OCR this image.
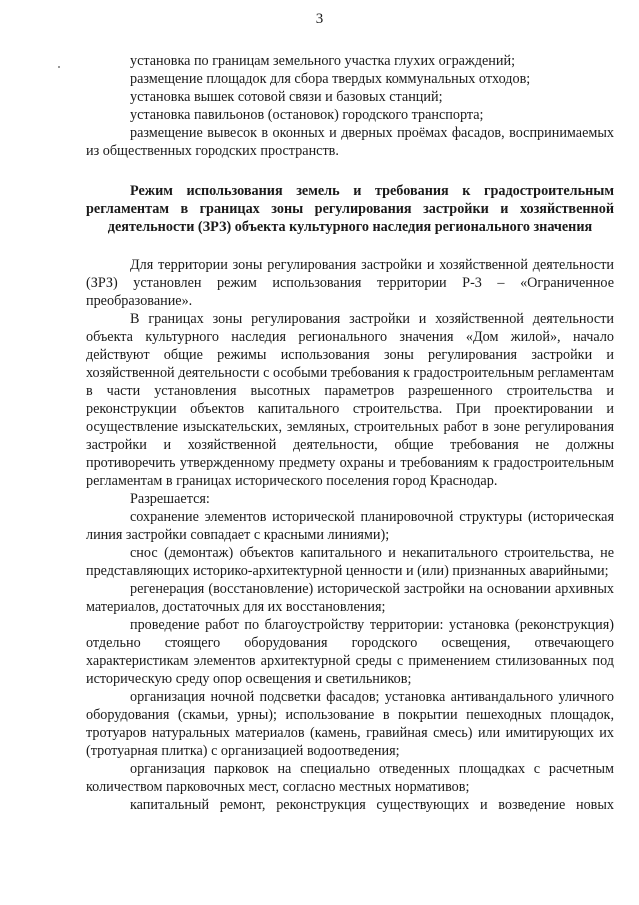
3

установка по границам земельного участка глухих ограждений;

размещение площадок для сбора твердых коммунальных отходов;

установка вышек сотовой связи и базовых станций;

установка павильонов (остановок) городского транспорта;

размещение вывесок в оконных и дверных проёмах фасадов, воспринимаемых из общественных городских пространств.

Режим использования земель и требования к градостроительным регламентам в границах зоны регулирования застройки и хозяйственной деятельности (ЗРЗ) объекта культурного наследия регионального значения

Для территории зоны регулирования застройки и хозяйственной деятельности (ЗРЗ) установлен режим использования территории Р-3 – «Ограниченное преобразование».

В границах зоны регулирования застройки и хозяйственной деятельности объекта культурного наследия регионального значения «Дом жилой», начало действуют общие режимы использования зоны регулирования застройки и хозяйственной деятельности с особыми требования к градостроительным регламентам в части установления высотных параметров разрешенного строительства и реконструкции объектов капитального строительства. При проектировании и осуществление изыскательских, земляных, строительных работ в зоне регулирования застройки и хозяйственной деятельности, общие требования не должны противоречить утвержденному предмету охраны и требованиям к градостроительным регламентам в границах исторического поселения город Краснодар.

Разрешается:

сохранение элементов исторической планировочной структуры (историческая линия застройки совпадает с красными линиями);

снос (демонтаж) объектов капитального и некапитального строительства, не представляющих историко-архитектурной ценности и (или) признанных аварийными;

регенерация (восстановление) исторической застройки на основании архивных материалов, достаточных для их восстановления;

проведение работ по благоустройству территории: установка (реконструкция) отдельно стоящего оборудования городского освещения, отвечающего характеристикам элементов архитектурной среды с применением стилизованных под историческую среду опор освещения и светильников;

организация ночной подсветки фасадов; установка антивандального уличного оборудования (скамьи, урны); использование в покрытии пешеходных площадок, тротуаров натуральных материалов (камень, гравийная смесь) или имитирующих их (тротуарная плитка) с организацией водоотведения;

организация парковок на специально отведенных площадках с расчетным количеством парковочных мест, согласно местных нормативов;

капитальный ремонт, реконструкция существующих и возведение новых
